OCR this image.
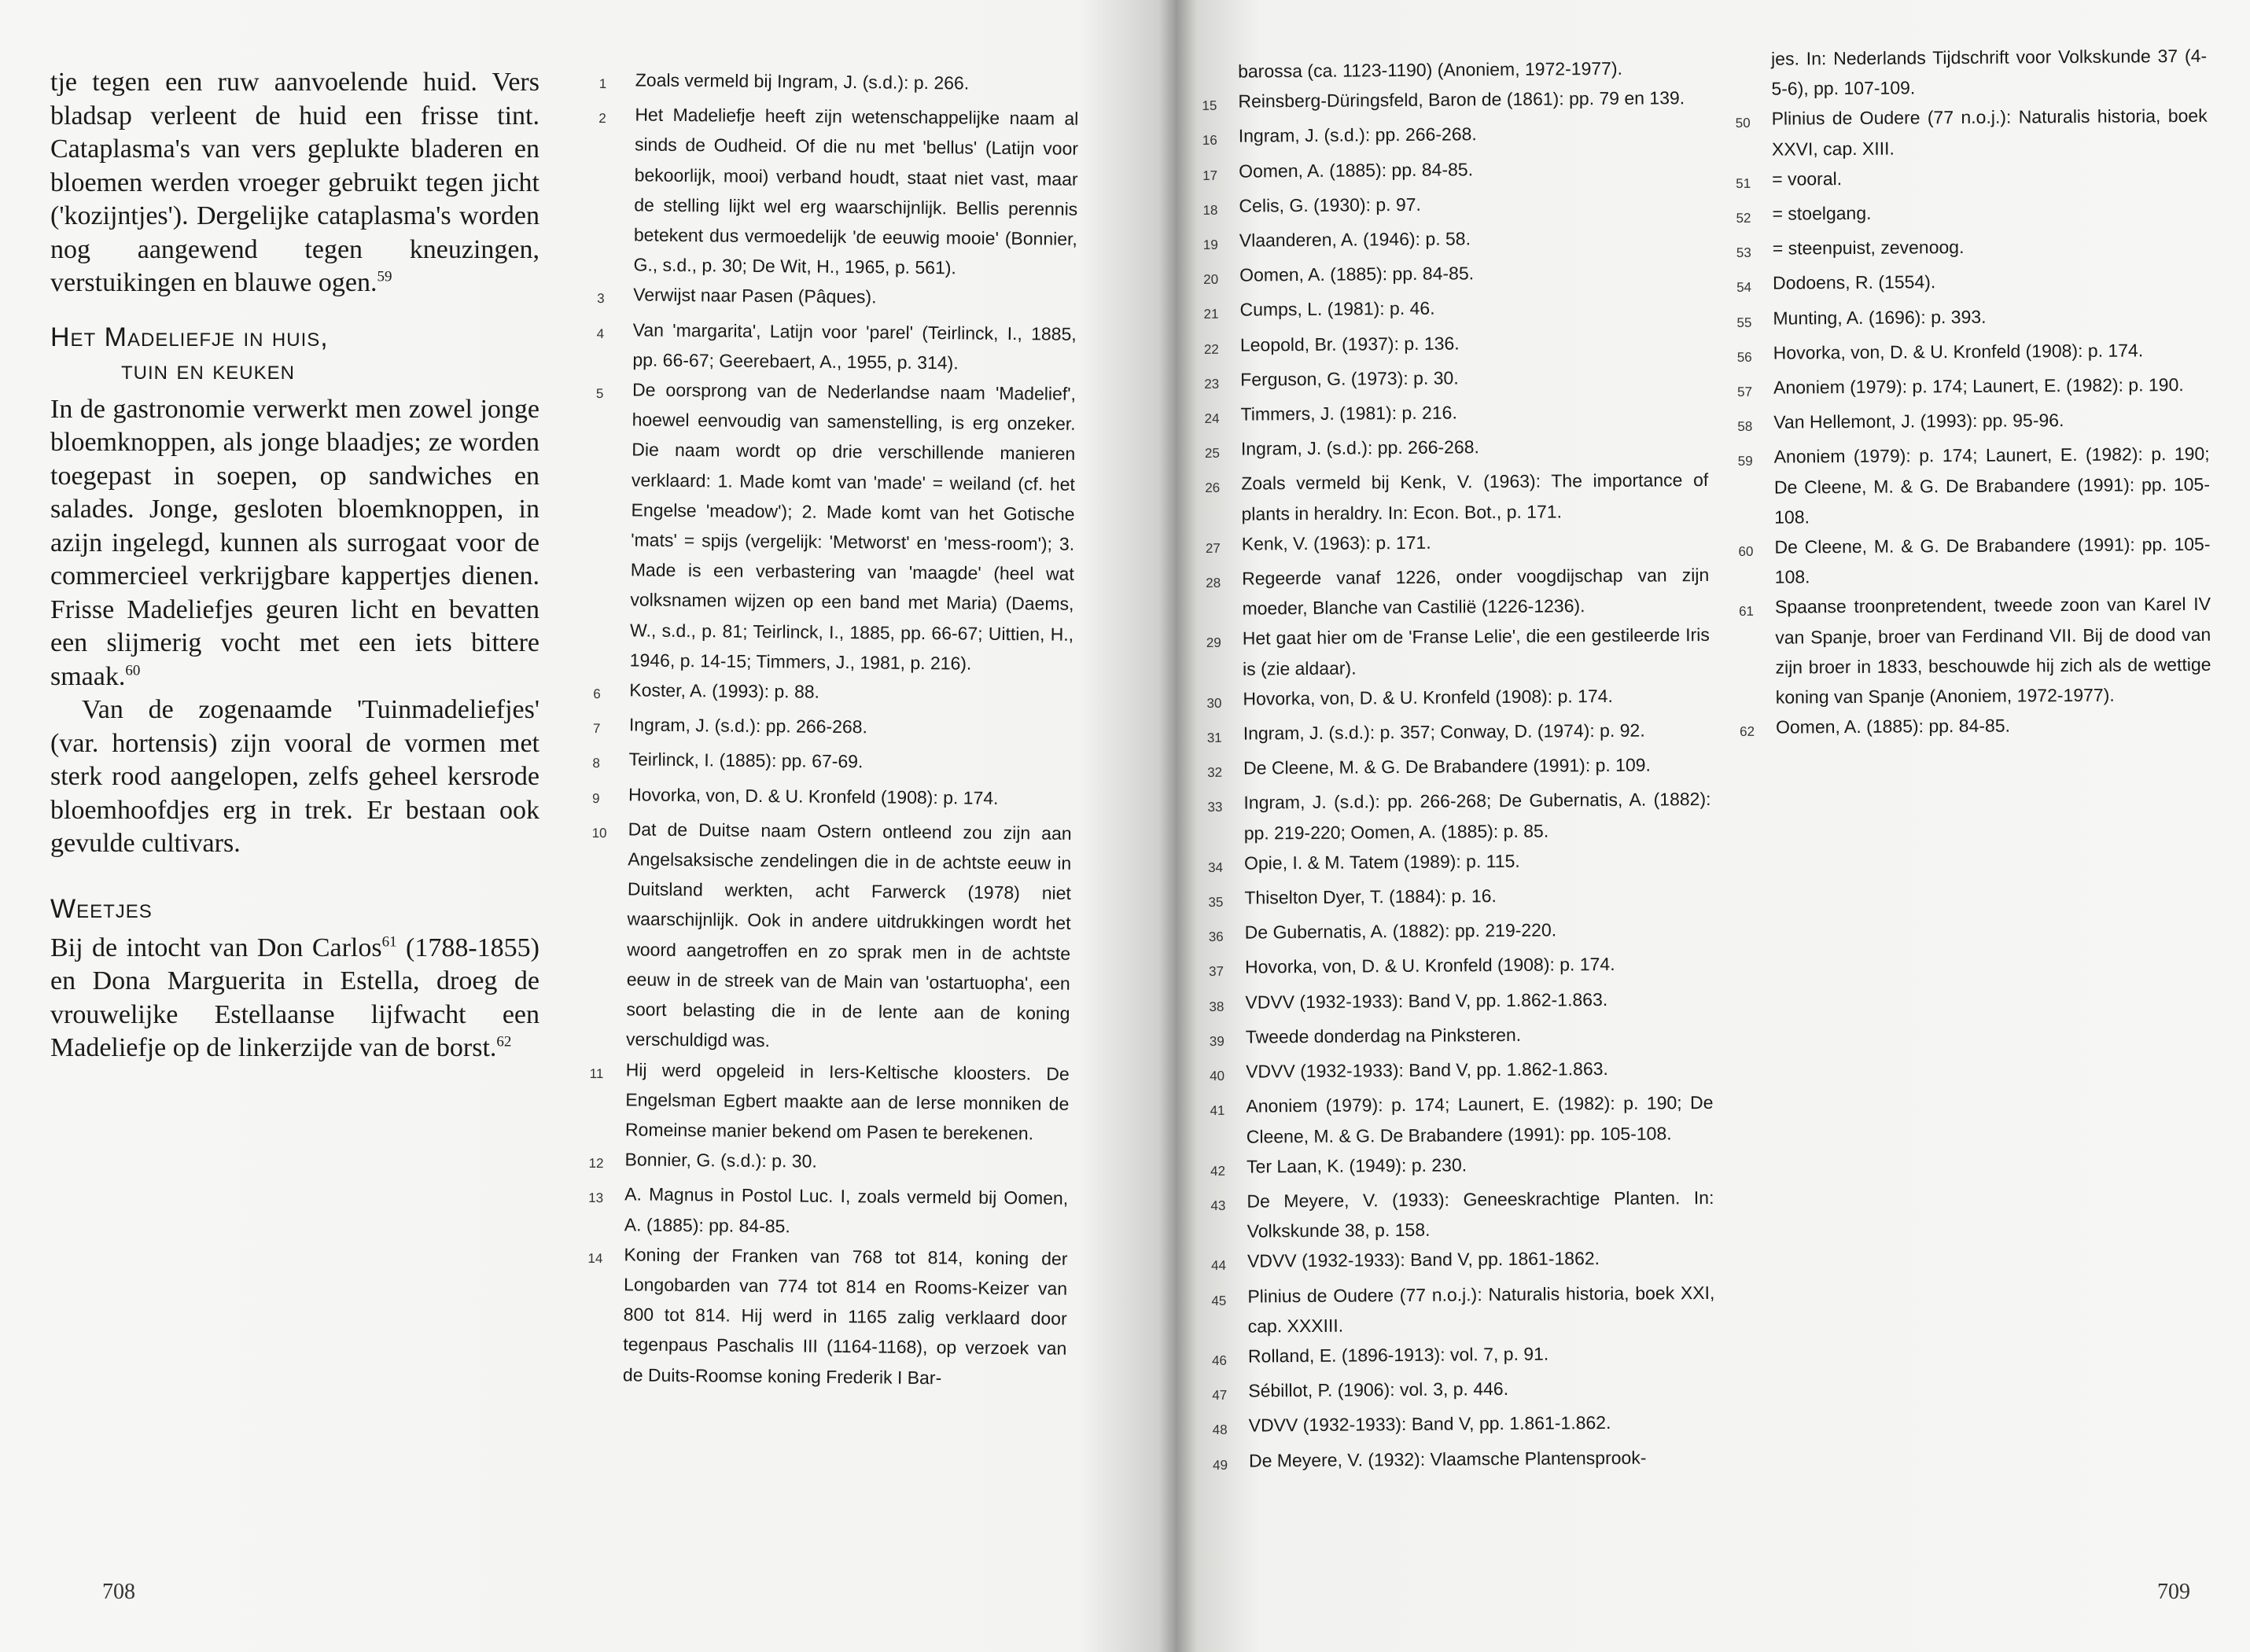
tje tegen een ruw aanvoelende huid. Vers bladsap verleent de huid een frisse tint. Cataplasma's van vers geplukte bladeren en bloemen werden vroeger gebruikt tegen jicht ('kozijntjes'). Dergelijke cataplasma's worden nog aangewend tegen kneuzingen, verstuikingen en blauwe ogen.$^{59}$

Het Madeliefje in huis,
tuin en keuken

In de gastronomie verwerkt men zowel jonge bloemknoppen, als jonge blaadjes; ze worden toegepast in soepen, op sandwiches en salades. Jonge, gesloten bloemknoppen, in azijn ingelegd, kunnen als surrogaat voor de commercieel verkrijgbare kappertjes dienen. Frisse Madeliefjes geuren licht en bevatten een slijmerig vocht met een iets bittere smaak.$^{60}$

Van de zogenaamde 'Tuinmadeliefjes' (var. hortensis) zijn vooral de vormen met sterk rood aangelopen, zelfs geheel kersrode bloemhoofdjes erg in trek. Er bestaan ook gevulde cultivars.

Weetjes

Bij de intocht van Don Carlos$^{61}$ (1788-1855) en Dona Marguerita in Estella, droeg de vrouwelijke Estellaanse lijfwacht een Madeliefje op de linkerzijde van de borst.$^{62}$

1	Zoals vermeld bij Ingram, J. (s.d.): p. 266.
2	Het Madeliefje heeft zijn wetenschappelijke naam al sinds de Oudheid. Of die nu met 'bellus' (Latijn voor bekoorlijk, mooi) verband houdt, staat niet vast, maar de stelling lijkt wel erg waarschijnlijk. Bellis perennis betekent dus vermoedelijk 'de eeuwig mooie' (Bonnier, G., s.d., p. 30; De Wit, H., 1965, p. 561).
3	Verwijst naar Pasen (Pâques).
4	Van 'margarita', Latijn voor 'parel' (Teirlinck, I., 1885, pp. 66-67; Geerebaert, A., 1955, p. 314).
5	De oorsprong van de Nederlandse naam 'Madelief', hoewel eenvoudig van samenstelling, is erg onzeker. Die naam wordt op drie verschillende manieren verklaard: 1. Made komt van 'made' = weiland (cf. het Engelse 'meadow'); 2. Made komt van het Gotische 'mats' = spijs (vergelijk: 'Metworst' en 'mess-room'); 3. Made is een verbastering van 'maagde' (heel wat volksnamen wijzen op een band met Maria) (Daems, W., s.d., p. 81; Teirlinck, I., 1885, pp. 66-67; Uittien, H., 1946, p. 14-15; Timmers, J., 1981, p. 216).
6	Koster, A. (1993): p. 88.
7	Ingram, J. (s.d.): pp. 266-268.
8	Teirlinck, I. (1885): pp. 67-69.
9	Hovorka, von, D. & U. Kronfeld (1908): p. 174.
10	Dat de Duitse naam Ostern ontleend zou zijn aan Angelsaksische zendelingen die in de achtste eeuw in Duitsland werkten, acht Farwerck (1978) niet waarschijnlijk. Ook in andere uitdrukkingen wordt het woord aangetroffen en zo sprak men in de achtste eeuw in de streek van de Main van 'ostartuopha', een soort belasting die in de lente aan de koning verschuldigd was.
11	Hij werd opgeleid in Iers-Keltische kloosters. De Engelsman Egbert maakte aan de Ierse monniken de Romeinse manier bekend om Pasen te berekenen.
12	Bonnier, G. (s.d.): p. 30.
13	A. Magnus in Postol Luc. I, zoals vermeld bij Oomen, A. (1885): pp. 84-85.
14	Koning der Franken van 768 tot 814, koning der Longobarden van 774 tot 814 en Rooms-Keizer van 800 tot 814. Hij werd in 1165 zalig verklaard door tegenpaus Paschalis III (1164-1168), op verzoek van de Duits-Roomse koning Frederik I Bar-
708
barossa (ca. 1123-1190) (Anoniem, 1972-1977).
15	Reinsberg-Düringsfeld, Baron de (1861): pp. 79 en 139.
16	Ingram, J. (s.d.): pp. 266-268.
17	Oomen, A. (1885): pp. 84-85.
18	Celis, G. (1930): p. 97.
19	Vlaanderen, A. (1946): p. 58.
20	Oomen, A. (1885): pp. 84-85.
21	Cumps, L. (1981): p. 46.
22	Leopold, Br. (1937): p. 136.
23	Ferguson, G. (1973): p. 30.
24	Timmers, J. (1981): p. 216.
25	Ingram, J. (s.d.): pp. 266-268.
26	Zoals vermeld bij Kenk, V. (1963): The importance of plants in heraldry. In: Econ. Bot., p. 171.
27	Kenk, V. (1963): p. 171.
28	Regeerde vanaf 1226, onder voogdijschap van zijn moeder, Blanche van Castilië (1226-1236).
29	Het gaat hier om de 'Franse Lelie', die een gestileerde Iris is (zie aldaar).
30	Hovorka, von, D. & U. Kronfeld (1908): p. 174.
31	Ingram, J. (s.d.): p. 357; Conway, D. (1974): p. 92.
32	De Cleene, M. & G. De Brabandere (1991): p. 109.
33	Ingram, J. (s.d.): pp. 266-268; De Gubernatis, A. (1882): pp. 219-220; Oomen, A. (1885): p. 85.
34	Opie, I. & M. Tatem (1989): p. 115.
35	Thiselton Dyer, T. (1884): p. 16.
36	De Gubernatis, A. (1882): pp. 219-220.
37	Hovorka, von, D. & U. Kronfeld (1908): p. 174.
38	VDVV (1932-1933): Band V, pp. 1.862-1.863.
39	Tweede donderdag na Pinksteren.
40	VDVV (1932-1933): Band V, pp. 1.862-1.863.
41	Anoniem (1979): p. 174; Launert, E. (1982): p. 190; De Cleene, M. & G. De Brabandere (1991): pp. 105-108.
42	Ter Laan, K. (1949): p. 230.
43	De Meyere, V. (1933): Geneeskrachtige Planten. In: Volkskunde 38, p. 158.
44	VDVV (1932-1933): Band V, pp. 1861-1862.
45	Plinius de Oudere (77 n.o.j.): Naturalis historia, boek XXI, cap. XXXIII.
46	Rolland, E. (1896-1913): vol. 7, p. 91.
47	Sébillot, P. (1906): vol. 3, p. 446.
48	VDVV (1932-1933): Band V, pp. 1.861-1.862.
49	De Meyere, V. (1932): Vlaamsche Plantensprook-
jes. In: Nederlands Tijdschrift voor Volkskunde 37 (4-5-6), pp. 107-109.
50	Plinius de Oudere (77 n.o.j.): Naturalis historia, boek XXVI, cap. XIII.
51	= vooral.
52	= stoelgang.
53	= steenpuist, zevenoog.
54	Dodoens, R. (1554).
55	Munting, A. (1696): p. 393.
56	Hovorka, von, D. & U. Kronfeld (1908): p. 174.
57	Anoniem (1979): p. 174; Launert, E. (1982): p. 190.
58	Van Hellemont, J. (1993): pp. 95-96.
59	Anoniem (1979): p. 174; Launert, E. (1982): p. 190; De Cleene, M. & G. De Brabandere (1991): pp. 105-108.
60	De Cleene, M. & G. De Brabandere (1991): pp. 105-108.
61	Spaanse troonpretendent, tweede zoon van Karel IV van Spanje, broer van Ferdinand VII. Bij de dood van zijn broer in 1833, beschouwde hij zich als de wettige koning van Spanje (Anoniem, 1972-1977).
62	Oomen, A. (1885): pp. 84-85.
709
